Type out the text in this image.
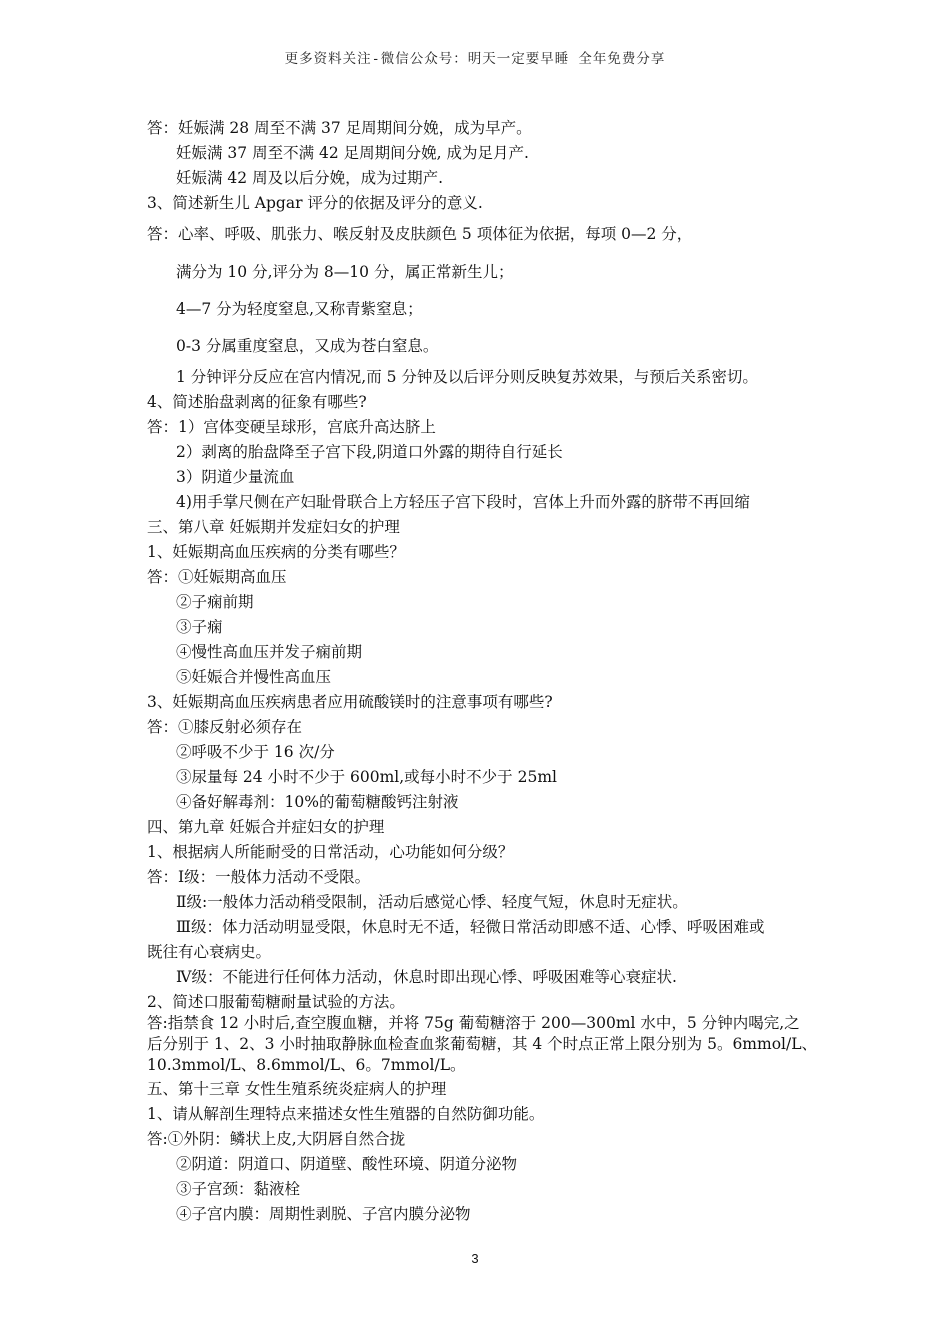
更多资料关注-微信公众号：明天一定要早睡 全年免费分享
答：妊娠满 28 周至不满 37 足周期间分娩，成为早产。
妊娠满 37 周至不满 42 足周期间分娩, 成为足月产.
妊娠满 42 周及以后分娩，成为过期产.
3、简述新生儿 Apgar 评分的依据及评分的意义.
答：心率、呼吸、肌张力、喉反射及皮肤颜色 5 项体征为依据，每项 0—2 分，
满分为 10 分,评分为 8—10 分，属正常新生儿；
4—7 分为轻度窒息,又称青紫窒息；
0-3 分属重度窒息，又成为苍白窒息。
1 分钟评分反应在宫内情况,而 5 分钟及以后评分则反映复苏效果，与预后关系密切。
4、简述胎盘剥离的征象有哪些?
答：1）宫体变硬呈球形，宫底升高达脐上
2）剥离的胎盘降至子宫下段,阴道口外露的期待自行延长
3）阴道少量流血
4)用手掌尺侧在产妇耻骨联合上方轻压子宫下段时，宫体上升而外露的脐带不再回缩
三、第八章 妊娠期并发症妇女的护理
1、妊娠期高血压疾病的分类有哪些？
答：①妊娠期高血压
②子痫前期
③子痫
④慢性高血压并发子痫前期
⑤妊娠合并慢性高血压
3、妊娠期高血压疾病患者应用硫酸镁时的注意事项有哪些?
答：①膝反射必须存在
②呼吸不少于 16 次/分
③尿量每 24 小时不少于 600ml,或每小时不少于 25ml
④备好解毒剂：10%的葡萄糖酸钙注射液
四、第九章 妊娠合并症妇女的护理
1、根据病人所能耐受的日常活动，心功能如何分级？
答：Ⅰ级：一般体力活动不受限。
Ⅱ级:一般体力活动稍受限制，活动后感觉心悸、轻度气短，休息时无症状。
Ⅲ级：体力活动明显受限，休息时无不适，轻微日常活动即感不适、心悸、呼吸困难或
既往有心衰病史。
Ⅳ级：不能进行任何体力活动，休息时即出现心悸、呼吸困难等心衰症状.
2、简述口服葡萄糖耐量试验的方法。
答:指禁食 12 小时后,查空腹血糖，并将 75g 葡萄糖溶于 200—300ml 水中，5 分钟内喝完,之
后分别于 1、2、3 小时抽取静脉血检查血浆葡萄糖，其 4 个时点正常上限分别为 5。6mmol/L、
10.3mmol/L、8.6mmol/L、6。7mmol/L。
五、第十三章 女性生殖系统炎症病人的护理
1、请从解剖生理特点来描述女性生殖器的自然防御功能。
答:①外阴：鳞状上皮,大阴唇自然合拢
②阴道：阴道口、阴道壁、酸性环境、阴道分泌物
③子宫颈：黏液栓
④子宫内膜：周期性剥脱、子宫内膜分泌物
3
